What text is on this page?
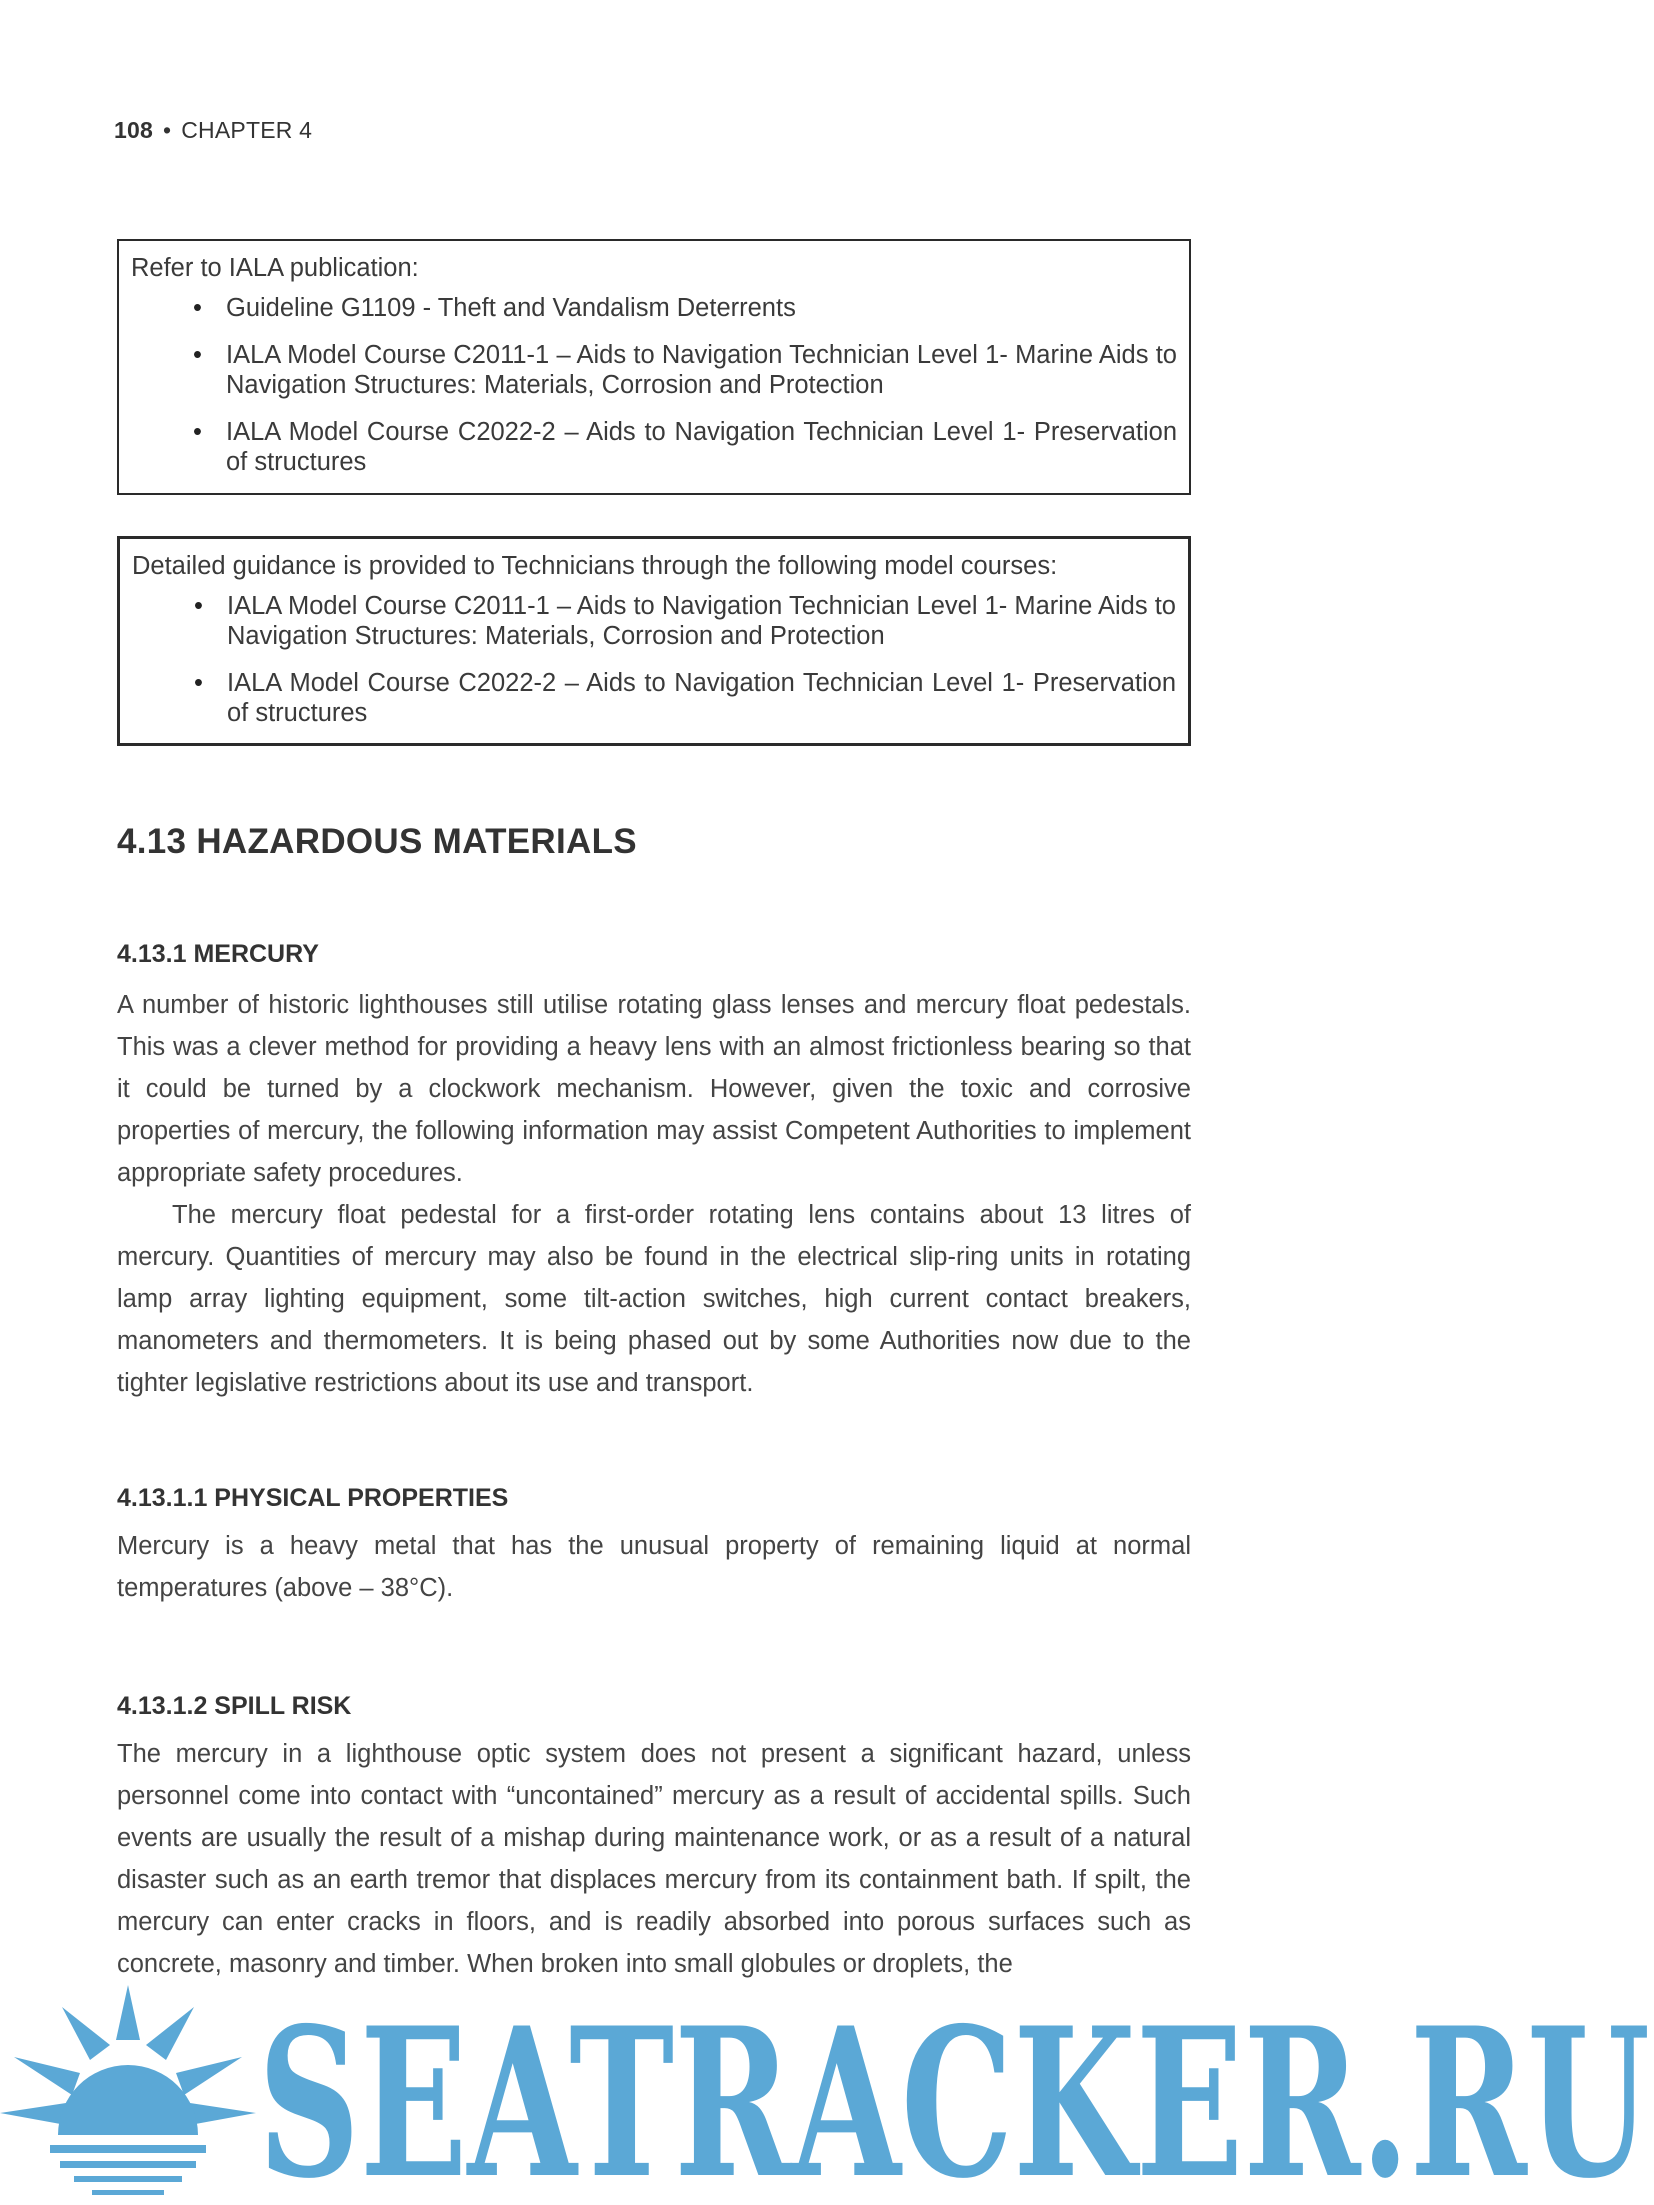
108 • CHAPTER 4
Refer to IALA publication:
• Guideline G1109 - Theft and Vandalism Deterrents
• IALA Model Course C2011-1 – Aids to Navigation Technician Level 1- Marine Aids to Navigation Structures: Materials, Corrosion and Protection
• IALA Model Course C2022-2 – Aids to Navigation Technician Level 1- Preservation of structures
Detailed guidance is provided to Technicians through the following model courses:
• IALA Model Course C2011-1 – Aids to Navigation Technician Level 1- Marine Aids to Navigation Structures: Materials, Corrosion and Protection
• IALA Model Course C2022-2 – Aids to Navigation Technician Level 1- Preservation of structures
4.13 HAZARDOUS MATERIALS
4.13.1 MERCURY

A number of historic lighthouses still utilise rotating glass lenses and mercury float pedestals. This was a clever method for providing a heavy lens with an almost frictionless bearing so that it could be turned by a clockwork mechanism. However, given the toxic and corrosive properties of mercury, the following information may assist Competent Authorities to implement appropriate safety procedures.

The mercury float pedestal for a first-order rotating lens contains about 13 litres of mercury. Quantities of mercury may also be found in the electrical slip-ring units in rotating lamp array lighting equipment, some tilt-action switches, high current contact breakers, manometers and thermometers. It is being phased out by some Authorities now due to the tighter legislative restrictions about its use and transport.

4.13.1.1 PHYSICAL PROPERTIES

Mercury is a heavy metal that has the unusual property of remaining liquid at normal temperatures (above – 38°C).

4.13.1.2 SPILL RISK

The mercury in a lighthouse optic system does not present a significant hazard, unless personnel come into contact with “uncontained” mercury as a result of accidental spills. Such events are usually the result of a mishap during maintenance work, or as a result of a natural disaster such as an earth tremor that displaces mercury from its containment bath. If spilt, the mercury can enter cracks in floors, and is readily absorbed into porous surfaces such as concrete, masonry and timber. When broken into small globules or droplets, the

SEATRACKER.RU
